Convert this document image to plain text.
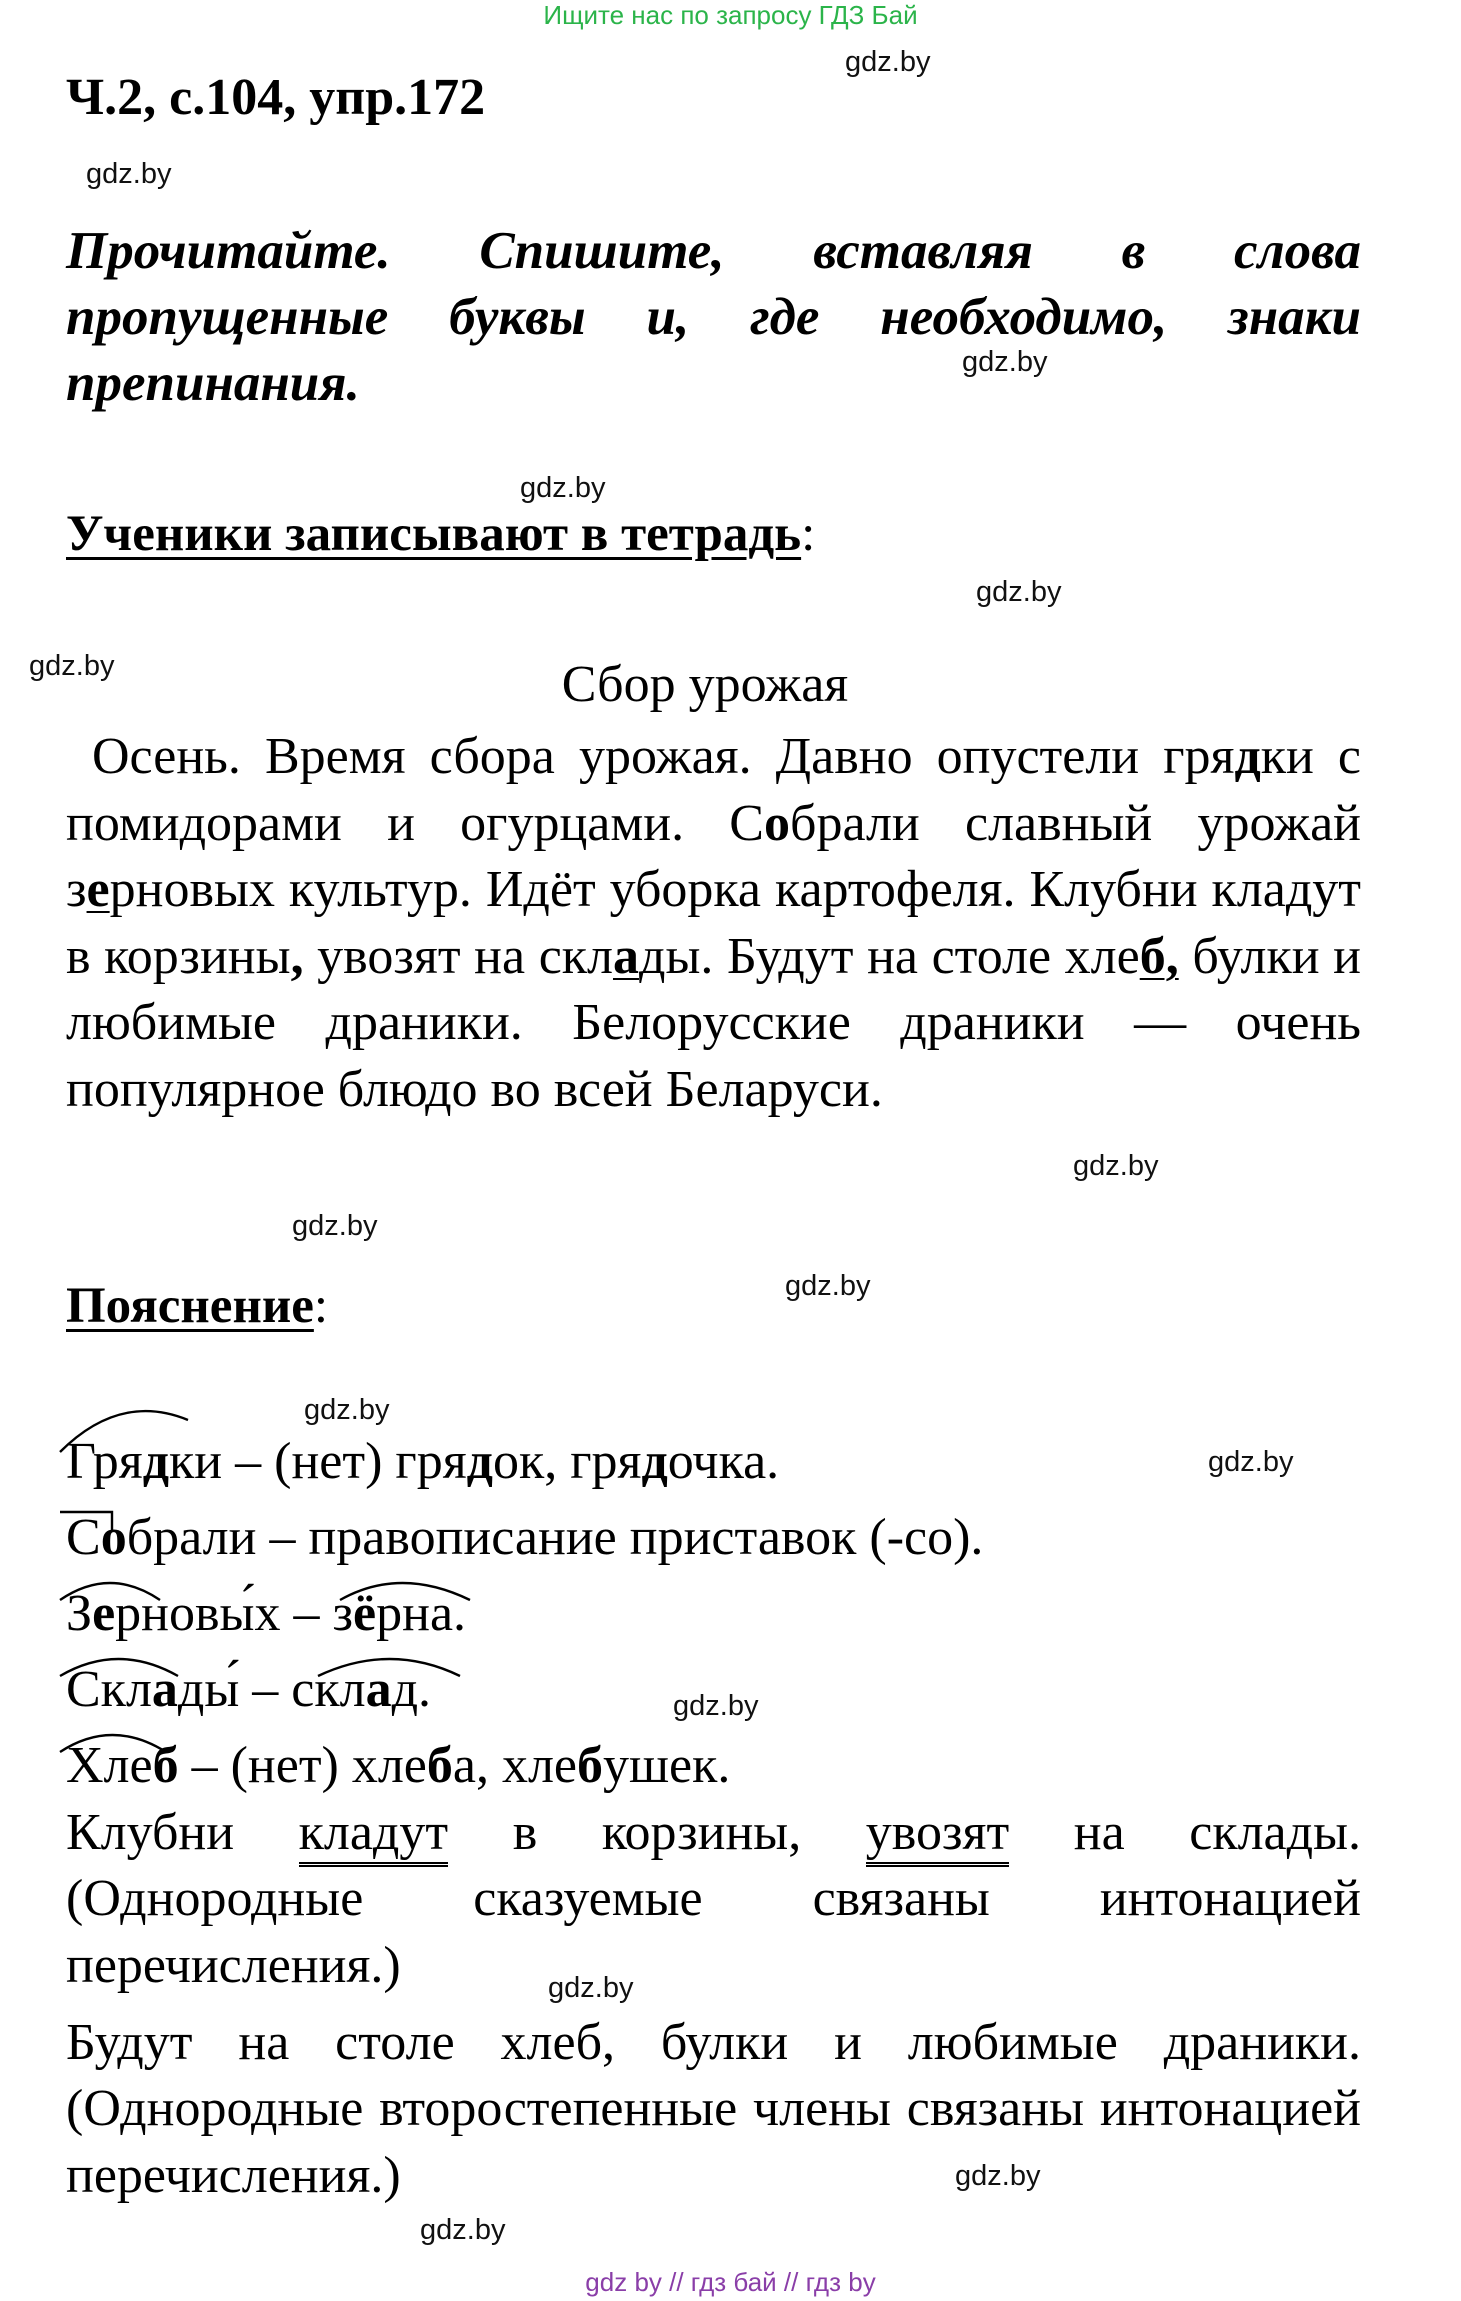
Ищите нас по запросу ГДЗ Бай
gdz.by
gdz.by
gdz.by
gdz.by
gdz.by
gdz.by
gdz.by
gdz.by
gdz.by
gdz.by
gdz.by
gdz.by
gdz.by
gdz.by
gdz.by
Ч.2, с.104, упр.172
Прочитайте. Спишите, вставляя в слова пропущенные буквы и, где необходимо, знаки препинания.
Ученики записывают в тетрадь:
Сбор урожая
Осень. Время сбора урожая. Давно опустели грядки с помидорами и огурцами. Собрали славный урожай зерновых культур. Идёт уборка картофеля. Клубни кладут в корзины, увозят на склады. Будут на столе хлеб, булки и любимые драники. Белорусские драники — очень популярное блюдо во всей Беларуси.
Пояснение:
Грядки – (нет) грядок, грядочка.
Собрали – правописание приставок (-со).
Зерновы́х – зёрна.
Склады́ – склад.
Хлеб – (нет) хлеба, хлебушек.
Клубни кладут в корзины, увозят на склады.
(Однородные сказуемые связаны интонацией перечисления.)
Будут на столе хлеб, булки и любимые драники.
(Однородные второстепенные члены связаны интонацией перечисления.)
gdz by // гдз бай // гдз by
